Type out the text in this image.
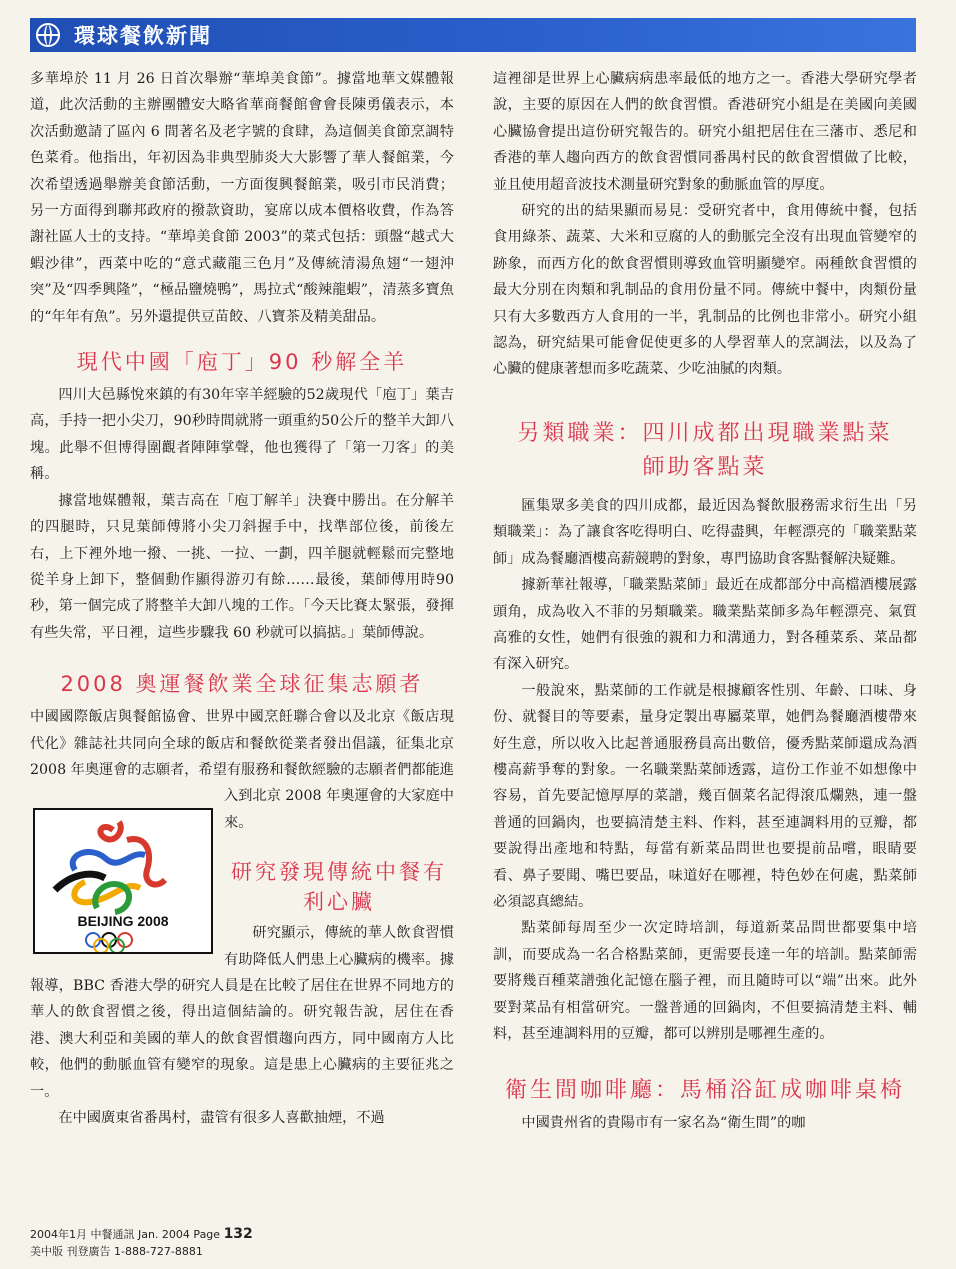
環球餐飲新聞

多華埠於 11 月 26 日首次舉辦“華埠美食節”。據當地華文媒體報道，此次活動的主辦團體安大略省華商餐館會會長陳勇儀表示，本次活動邀請了區內 6 間著名及老字號的食肆，為這個美食節烹調特色菜肴。他指出，年初因為非典型肺炎大大影響了華人餐館業，今次希望透過舉辦美食節活動，一方面復興餐館業，吸引市民消費；另一方面得到聯邦政府的撥款資助，宴席以成本價格收費，作為答謝社區人士的支持。“華埠美食節 2003”的菜式包括：頭盤“越式大蝦沙律”，西菜中吃的“意式藏龍三色月”及傳統清湯魚翅“一翅沖突”及“四季興隆”，“極品鹽燒鴨”，馬拉式“酸辣龍蝦”，清蒸多寶魚的“年年有魚”。另外還提供豆苗餃、八寶茶及精美甜品。

現代中國「庖丁」90 秒解全羊

四川大邑縣悅來鎮的有30年宰羊經驗的52歲現代「庖丁」葉吉高，手持一把小尖刀，90秒時間就將一頭重約50公斤的整羊大卸八塊。此舉不但博得圍觀者陣陣掌聲，他也獲得了「第一刀客」的美稱。

據當地媒體報，葉吉高在「庖丁解羊」決賽中勝出。在分解羊的四腿時，只見葉師傅將小尖刀斜握手中，找準部位後，前後左右，上下裡外地一撥、一挑、一拉、一劃，四羊腿就輕鬆而完整地從羊身上卸下，整個動作顯得游刃有餘……最後，葉師傅用時90秒，第一個完成了將整羊大卸八塊的工作。「今天比賽太緊張，發揮有些失常，平日裡，這些步驟我 60 秒就可以搞掂。」葉師傅說。

2008 奧運餐飲業全球征集志願者

中國國際飯店與餐館協會、世界中國烹飪聯合會以及北京《飯店現代化》雜誌社共同向全球的飯店和餐飲從業者發出倡議，征集北京 2008 年奧運會的志願者，希望有服務和餐飲經驗的志願者們都能進入到北京 2008 年奧運會的大家庭中來。

研究發現傳統中餐有利心臟

研究顯示，傳統的華人飲食習慣有助降低人們患上心臟病的機率。據報導，BBC 香港大學的研究人員是在比較了居住在世界不同地方的華人的飲食習慣之後，得出這個結論的。研究報告說，居住在香港、澳大利亞和美國的華人的飲食習慣趨向西方，同中國南方人比較，他們的動脈血管有變窄的現象。這是患上心臟病的主要征兆之一。

在中國廣東省番禺村，盡管有很多人喜歡抽煙，不過

BEIJING 2008

這裡卻是世界上心臟病病患率最低的地方之一。香港大學研究學者說，主要的原因在人們的飲食習慣。香港研究小組是在美國向美國心臟協會提出這份研究報告的。研究小組把居住在三藩市、悉尼和香港的華人趨向西方的飲食習慣同番禺村民的飲食習慣做了比較，並且使用超音波技术測量研究對象的動脈血管的厚度。

研究的出的結果顯而易見：受研究者中，食用傳統中餐，包括食用綠茶、蔬菜、大米和豆腐的人的動脈完全沒有出現血管變窄的跡象，而西方化的飲食習慣則導致血管明顯變窄。兩種飲食習慣的最大分別在肉類和乳制品的食用份量不同。傳統中餐中，肉類份量只有大多數西方人食用的一半，乳制品的比例也非常小。研究小組認為，研究結果可能會促使更多的人學習華人的烹調法，以及為了心臟的健康著想而多吃蔬菜、少吃油膩的肉類。

另類職業：四川成都出現職業點菜
師助客點菜

匯集眾多美食的四川成都，最近因為餐飲服務需求衍生出「另類職業」：為了讓食客吃得明白、吃得盡興，年輕漂亮的「職業點菜師」成為餐廳酒樓高薪競聘的對象，專門協助食客點餐解決疑難。

據新華社報導，「職業點菜師」最近在成都部分中高檔酒樓展露頭角，成為收入不菲的另類職業。職業點菜師多為年輕漂亮、氣質高雅的女性，她們有很強的親和力和溝通力，對各種菜系、菜品都有深入研究。

一般說來，點菜師的工作就是根據顧客性別、年齡、口味、身份、就餐目的等要素，量身定製出專屬菜單，她們為餐廳酒樓帶來好生意，所以收入比起普通服務員高出數倍，優秀點菜師還成為酒樓高薪爭奪的對象。一名職業點菜師透露，這份工作並不如想像中容易，首先要記憶厚厚的菜譜，幾百個菜名記得滾瓜爛熟，連一盤普通的回鍋肉，也要搞清楚主料、作料，甚至連調料用的豆瓣，都要說得出產地和特點，每當有新菜品問世也要提前品嚐，眼睛要看、鼻子要聞、嘴巴要品，味道好在哪裡，特色妙在何處，點菜師必須認真總結。

點菜師每周至少一次定時培訓，每道新菜品問世都要集中培訓，而要成為一名合格點菜師，更需要長達一年的培訓。點菜師需要將幾百種菜譜強化記憶在腦子裡，而且隨時可以“端”出來。此外要對菜品有相當研究。一盤普通的回鍋肉，不但要搞清楚主料、輔料，甚至連調料用的豆瓣，都可以辨別是哪裡生產的。

衛生間咖啡廳：馬桶浴缸成咖啡桌椅

中國貴州省的貴陽市有一家名為“衛生間”的咖

2004年1月 中餐通訊 Jan. 2004 Page 132
美中版 刊登廣告 1-888-727-8881
